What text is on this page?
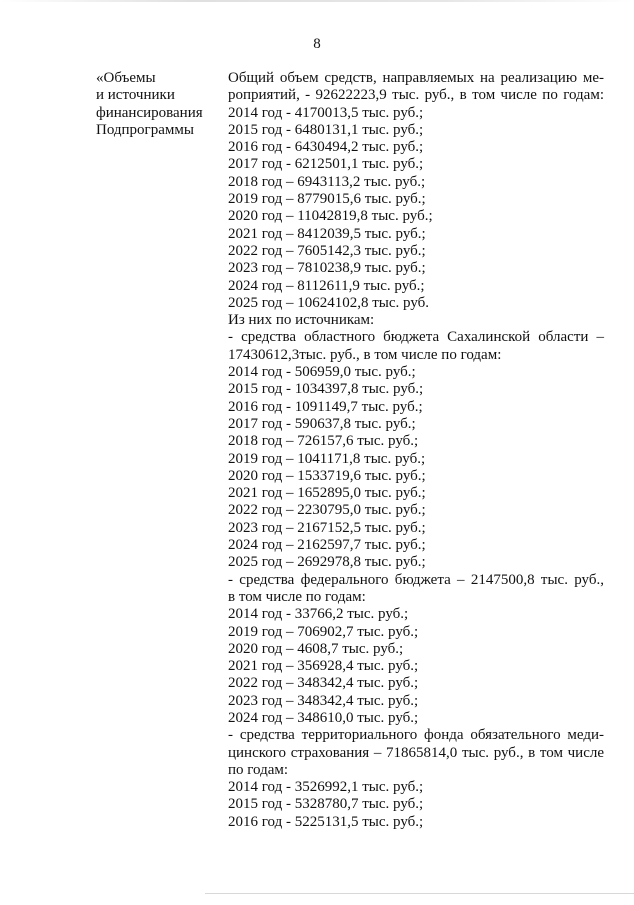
8
«Объемы
и источники
финансирования
Подпрограммы
Общий объем средств, направляемых на реализацию ме-
роприятий, - 92622223,9 тыс. руб., в том числе по годам:
2014 год - 4170013,5 тыс. руб.;
2015 год - 6480131,1 тыс. руб.;
2016 год - 6430494,2 тыс. руб.;
2017 год - 6212501,1 тыс. руб.;
2018 год – 6943113,2 тыс. руб.;
2019 год – 8779015,6 тыс. руб.;
2020 год – 11042819,8 тыс. руб.;
2021 год – 8412039,5 тыс. руб.;
2022 год – 7605142,3 тыс. руб.;
2023 год – 7810238,9 тыс. руб.;
2024 год – 8112611,9 тыс. руб.;
2025 год – 10624102,8 тыс. руб.
Из них по источникам:
- средства областного бюджета Сахалинской области –
17430612,3тыс. руб., в том числе по годам:
2014 год - 506959,0 тыс. руб.;
2015 год - 1034397,8 тыс. руб.;
2016 год - 1091149,7 тыс. руб.;
2017 год - 590637,8 тыс. руб.;
2018 год – 726157,6 тыс. руб.;
2019 год – 1041171,8 тыс. руб.;
2020 год – 1533719,6 тыс. руб.;
2021 год – 1652895,0 тыс. руб.;
2022 год – 2230795,0 тыс. руб.;
2023 год – 2167152,5 тыс. руб.;
2024 год – 2162597,7 тыс. руб.;
2025 год – 2692978,8 тыс. руб.;
- средства федерального бюджета – 2147500,8 тыс. руб.,
в том числе по годам:
2014 год - 33766,2 тыс. руб.;
2019 год – 706902,7 тыс. руб.;
2020 год – 4608,7 тыс. руб.;
2021 год – 356928,4 тыс. руб.;
2022 год – 348342,4 тыс. руб.;
2023 год – 348342,4 тыс. руб.;
2024 год – 348610,0 тыс. руб.;
- средства территориального фонда обязательного меди-
цинского страхования – 71865814,0 тыс. руб., в том числе
по годам:
2014 год - 3526992,1 тыс. руб.;
2015 год - 5328780,7 тыс. руб.;
2016 год - 5225131,5 тыс. руб.;
